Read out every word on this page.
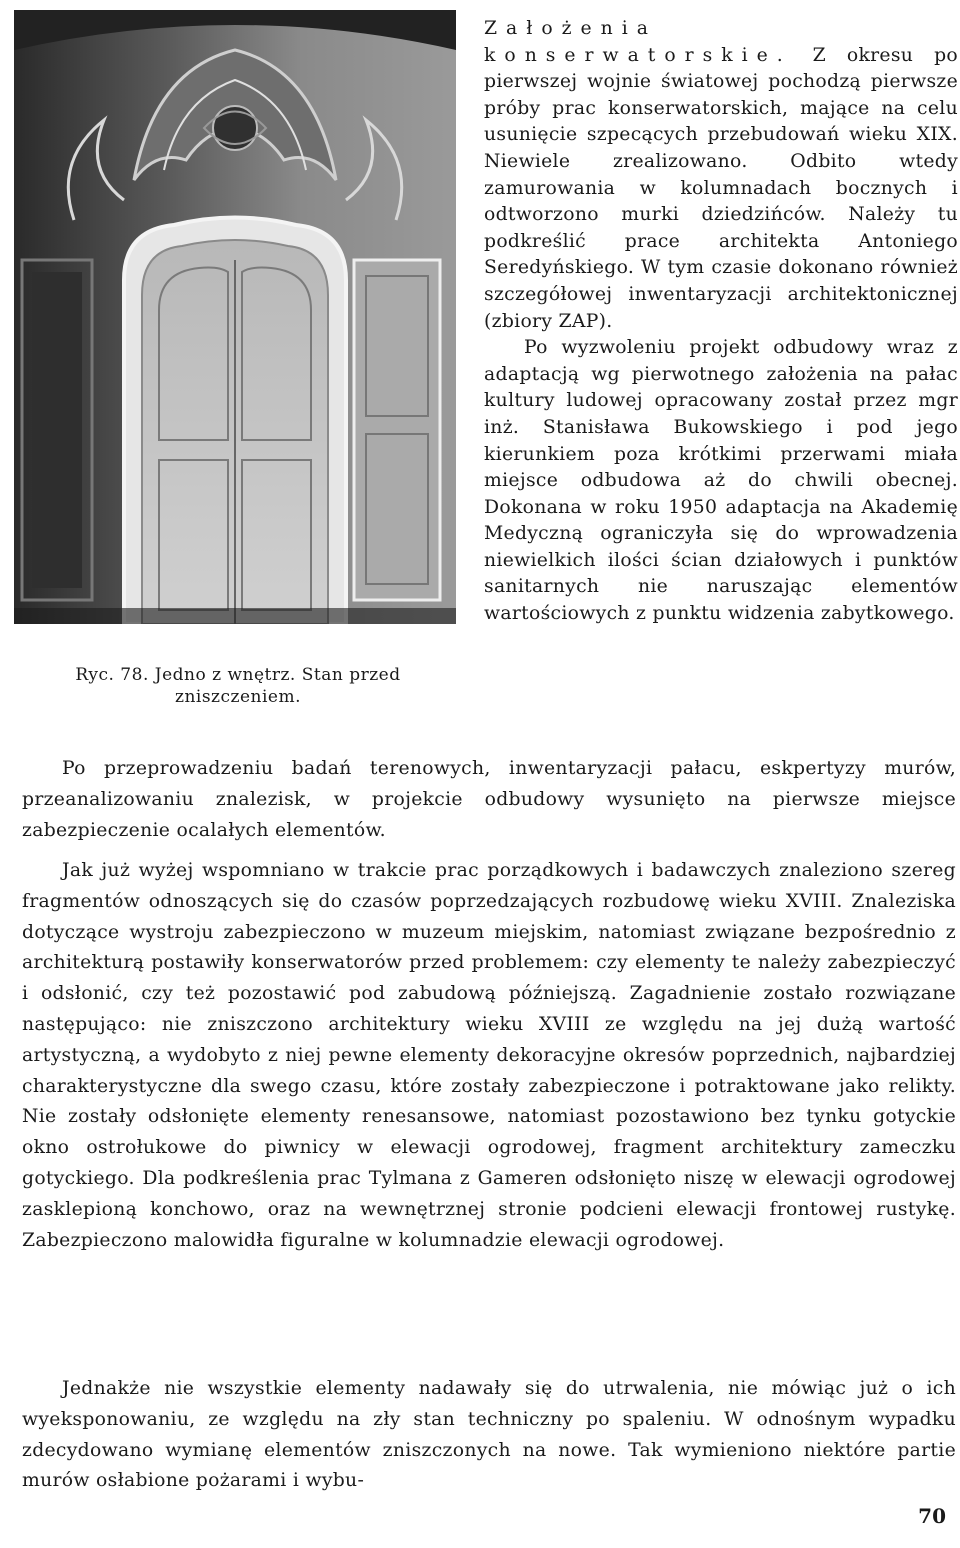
Ryc. 78. Jedno z wnętrz. Stan przed zniszczeniem.

Założenia konserwatorskie. Z okresu po pierwszej wojnie światowej pochodzą pierwsze próby prac konserwatorskich, mające na celu usunięcie szpecących przebudowań wieku XIX. Niewiele zrealizowano. Odbito wtedy zamurowania w kolumnadach bocznych i odtworzono murki dziedzińców. Należy tu podkreślić prace architekta Antoniego Seredyńskiego. W tym czasie dokonano również szczegółowej inwentaryzacji architektonicznej (zbiory ZAP).

Po wyzwoleniu projekt odbudowy wraz z adaptacją wg pierwotnego założenia na pałac kultury ludowej opracowany został przez mgr inż. Stanisława Bukowskiego i pod jego kierunkiem poza krótkimi przerwami miała miejsce odbudowa aż do chwili obecnej. Dokonana w roku 1950 adaptacja na Akademię Medyczną ograniczyła się do wprowadzenia niewielkich ilości ścian działowych i punktów sanitarnych nie naruszając elementów wartościowych z punktu widzenia zabytkowego.

Po przeprowadzeniu badań terenowych, inwentaryzacji pałacu, eskpertyzy murów, przeanalizowaniu znalezisk, w projekcie odbudowy wysunięto na pierwsze miejsce zabezpieczenie ocalałych elementów.

Jak już wyżej wspomniano w trakcie prac porządkowych i badawczych znaleziono szereg fragmentów odnoszących się do czasów poprzedzających rozbudowę wieku XVIII. Znaleziska dotyczące wystroju zabezpieczono w muzeum miejskim, natomiast związane bezpośrednio z architekturą postawiły konserwatorów przed problemem: czy elementy te należy zabezpieczyć i odsłonić, czy też pozostawić pod zabudową późniejszą. Zagadnienie zostało rozwiązane następująco: nie zniszczono architektury wieku XVIII ze względu na jej dużą wartość artystyczną, a wydobyto z niej pewne elementy dekoracyjne okresów poprzednich, najbardziej charakterystyczne dla swego czasu, które zostały zabezpieczone i potraktowane jako relikty. Nie zostały odsłonięte elementy renesansowe, natomiast pozostawiono bez tynku gotyckie okno ostrołukowe do piwnicy w elewacji ogrodowej, fragment architektury zameczku gotyckiego. Dla podkreślenia prac Tylmana z Gameren odsłonięto niszę w elewacji ogrodowej zasklepioną konchowo, oraz na wewnętrznej stronie podcieni elewacji frontowej rustykę. Zabezpieczono malowidła figuralne w kolumnadzie elewacji ogrodowej.

Jednakże nie wszystkie elementy nadawały się do utrwalenia, nie mówiąc już o ich wyeksponowaniu, ze względu na zły stan techniczny po spaleniu. W odnośnym wypadku zdecydowano wymianę elementów zniszczonych na nowe. Tak wymieniono niektóre partie murów osłabione pożarami i wybu-

70
